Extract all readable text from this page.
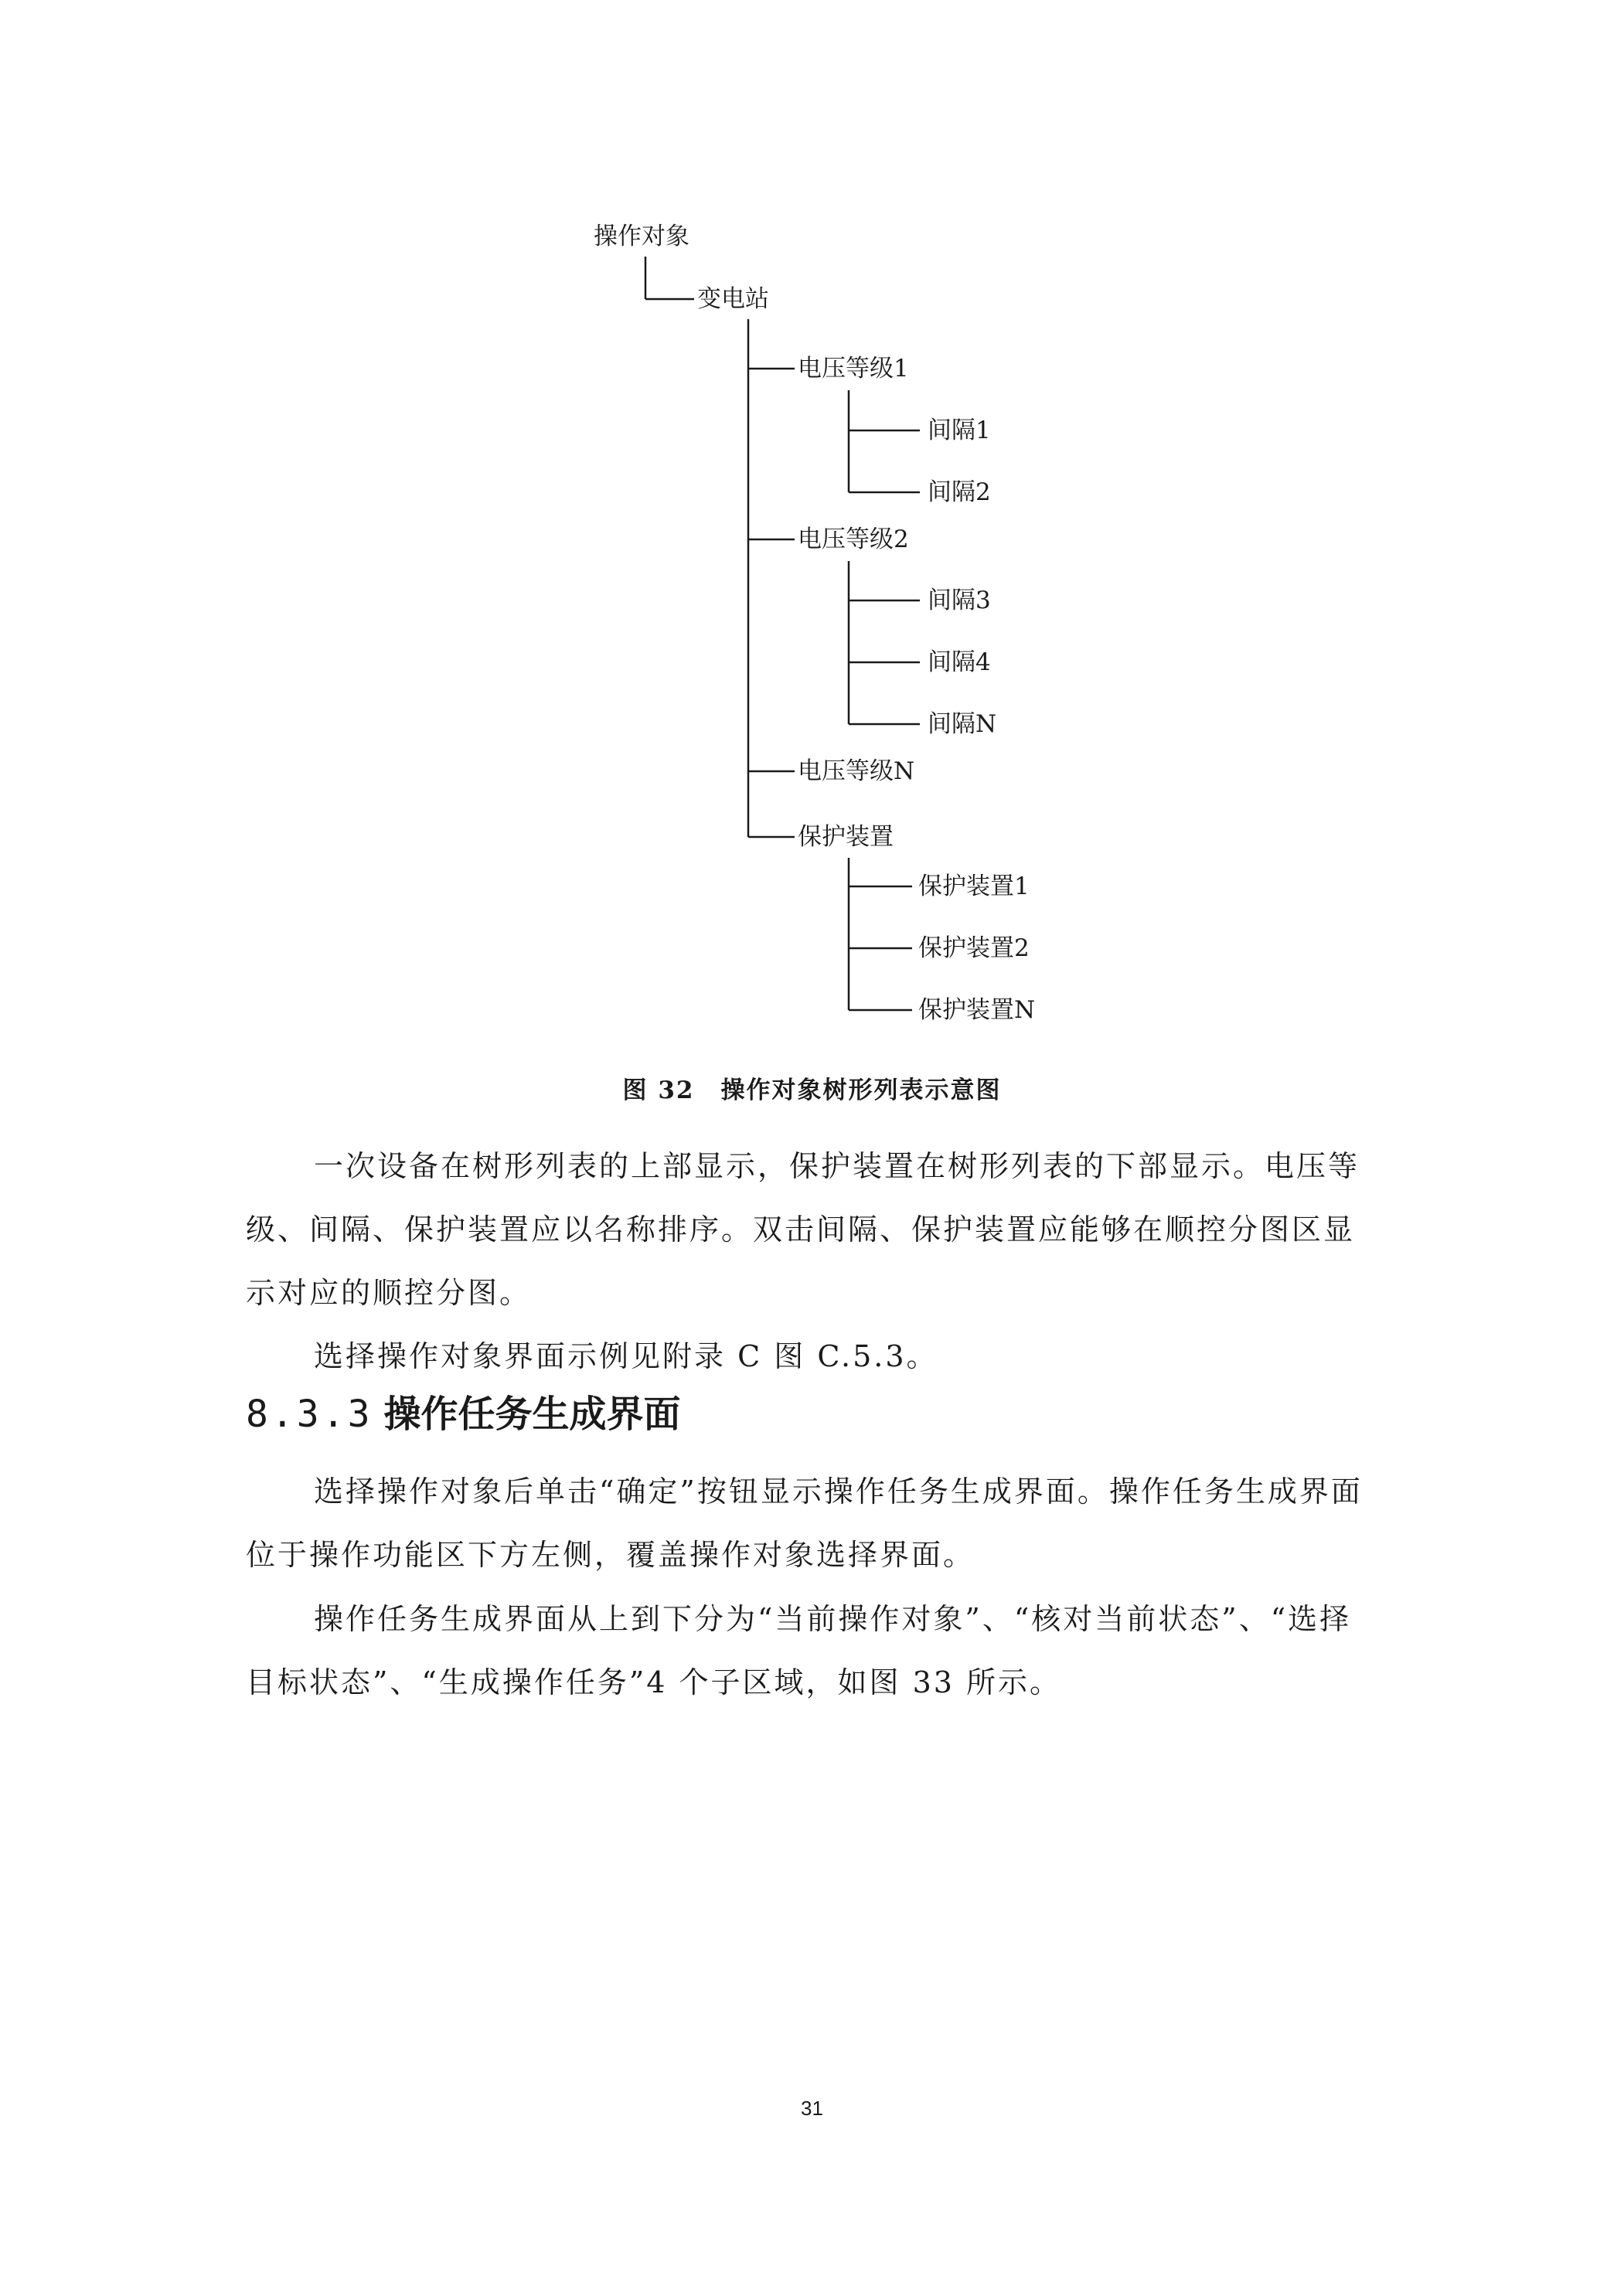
操作对象
变电站
电压等级1
间隔1
间隔2
电压等级2
间隔3
间隔4
间隔N
电压等级N
保护装置
保护装置1
保护装置2
保护装置N
图 32 操作对象树形列表示意图

一次设备在树形列表的上部显示，保护装置在树形列表的下部显示。电压等级、间隔、保护装置应以名称排序。双击间隔、保护装置应能够在顺控分图区显示对应的顺控分图。

选择操作对象界面示例见附录 C 图 C.5.3。

8.3.3 操作任务生成界面

选择操作对象后单击“确定”按钮显示操作任务生成界面。操作任务生成界面位于操作功能区下方左侧，覆盖操作对象选择界面。

操作任务生成界面从上到下分为“当前操作对象”、“核对当前状态”、“选择目标状态”、“生成操作任务”4 个子区域，如图 33 所示。

31
